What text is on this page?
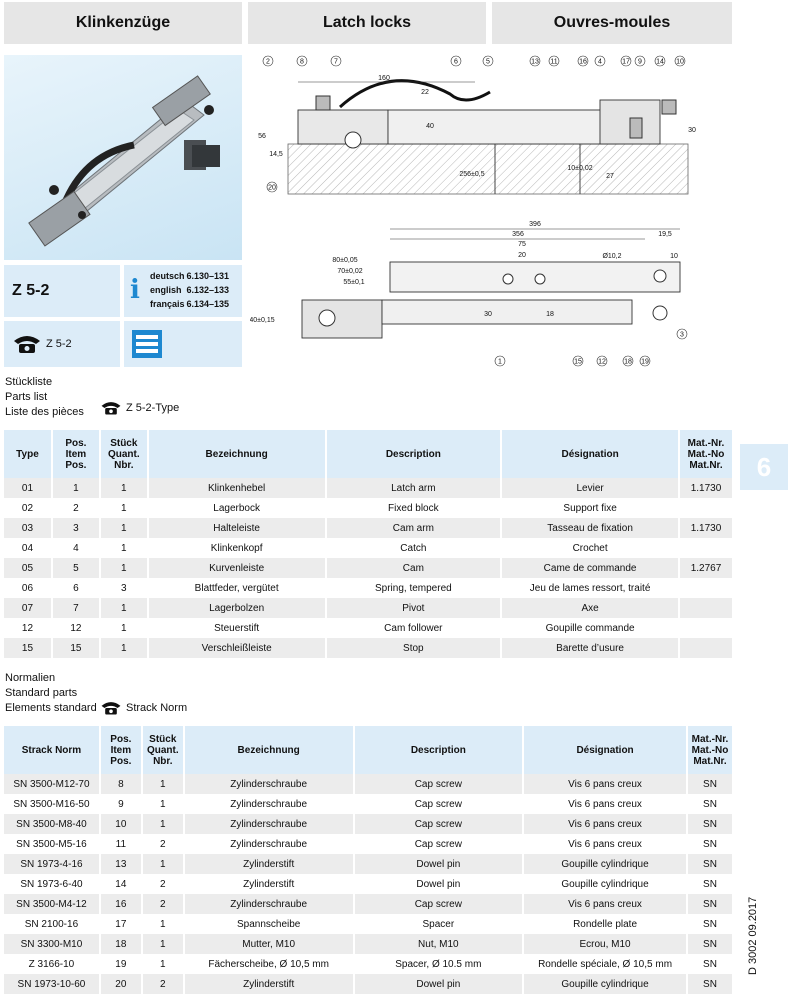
Klinkenzüge	Latch locks	Ouvres-moules
Z 5-2	i deutsch 6.130–131
english 6.132–133
français 6.134–135
Z 5-2
2	8	7	6	5	13 11	16 4	17 9 14 10
20
160
22
40
56
14,5
256±0,5
10±0,02
27
30
1	15 12	18 19
3
396
356	19,5
75
20	Ø10,2
80±0,05
70±0,02
55±0,1
10
30	18
40±0,15
Stückliste
Parts list
Liste des pièces	Z 5-2-Type
Type	Pos.
Item
Pos.	Stück
Quant.
Nbr.	Bezeichnung	Description	Désignation	Mat.-Nr.
Mat.-No
Mat.Nr.
01	1	1	Klinkenhebel	Latch arm	Levier	1.1730
02	2	1	Lagerbock	Fixed block	Support fixe	
03	3	1	Halteleiste	Cam arm	Tasseau de fixation	1.1730
04	4	1	Klinkenkopf	Catch	Crochet	
05	5	1	Kurvenleiste	Cam	Came de commande	1.2767
06	6	3	Blattfeder, vergütet	Spring, tempered	Jeu de lames ressort, traité	
07	7	1	Lagerbolzen	Pivot	Axe	
12	12	1	Steuerstift	Cam follower	Goupille commande	
15	15	1	Verschleißleiste	Stop	Barette d’usure	
6
Normalien
Standard parts
Elements standard	Strack Norm
Strack Norm	Pos.
Item
Pos.	Stück
Quant.
Nbr.	Bezeichnung	Description	Désignation	Mat.-Nr.
Mat.-No
Mat.Nr.
SN 3500-M12-70	8	1	Zylinderschraube	Cap screw	Vis 6 pans creux	SN
SN 3500-M16-50	9	1	Zylinderschraube	Cap screw	Vis 6 pans creux	SN
SN 3500-M8-40	10	1	Zylinderschraube	Cap screw	Vis 6 pans creux	SN
SN 3500-M5-16	11	2	Zylinderschraube	Cap screw	Vis 6 pans creux	SN
SN 1973-4-16	13	1	Zylinderstift	Dowel pin	Goupille cylindrique	SN
SN 1973-6-40	14	2	Zylinderstift	Dowel pin	Goupille cylindrique	SN
SN 3500-M4-12	16	2	Zylinderschraube	Cap screw	Vis 6 pans creux	SN
SN 2100-16	17	1	Spannscheibe	Spacer	Rondelle plate	SN
SN 3300-M10	18	1	Mutter, M10	Nut, M10	Ecrou, M10	SN
Z 3166-10	19	1	Fächerscheibe, Ø 10,5 mm	Spacer, Ø 10.5 mm	Rondelle spéciale, Ø 10,5 mm	SN
SN 1973-10-60	20	2	Zylinderstift	Dowel pin	Goupille cylindrique	SN
D 3002 09.2017
